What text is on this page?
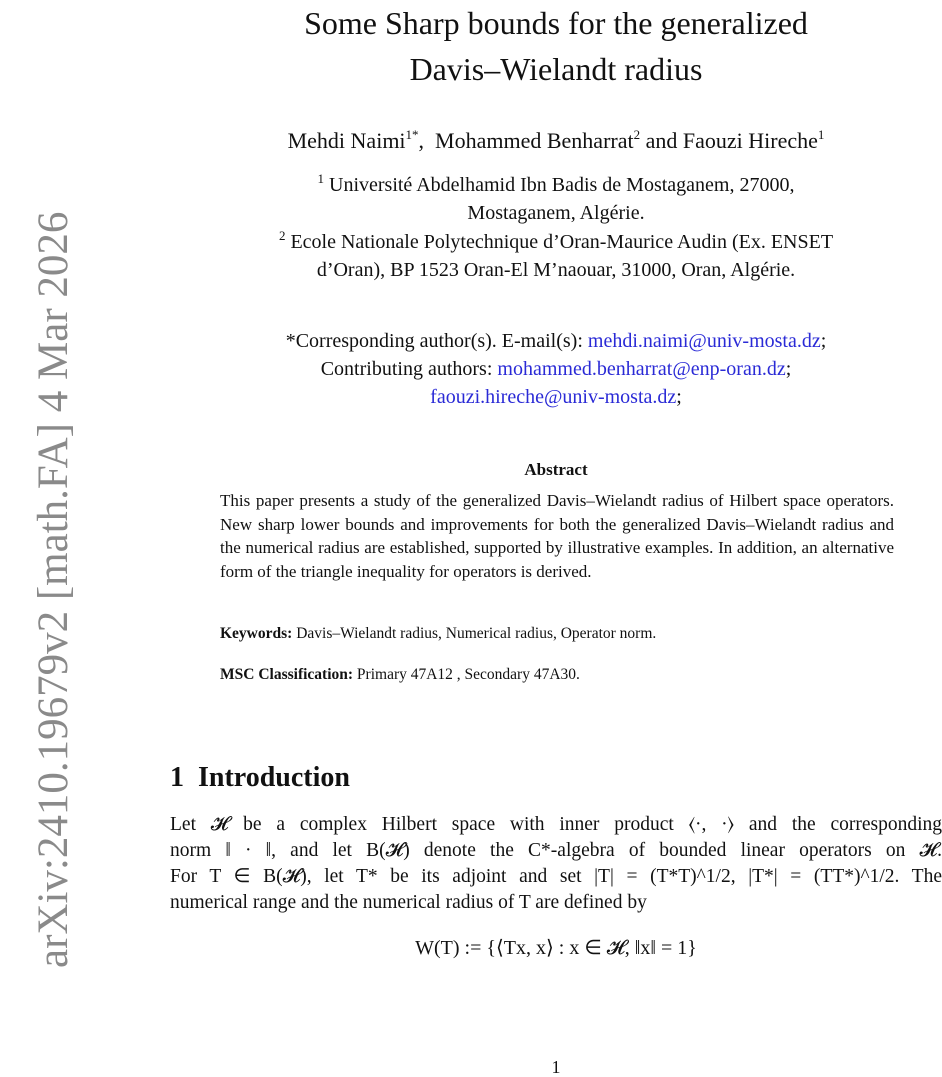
arXiv:2410.19679v2 [math.FA] 4 Mar 2026
Some Sharp bounds for the generalized
Davis–Wielandt radius
Mehdi Naimi$^{1*}$,  Mohammed Benharrat$^2$ and Faouzi Hireche$^1$
$^1$ Université Abdelhamid Ibn Badis de Mostaganem, 27000,
Mostaganem, Algérie.
$^2$ Ecole Nationale Polytechnique d’Oran-Maurice Audin (Ex. ENSET
d’Oran), BP 1523 Oran-El M’naouar, 31000, Oran, Algérie.
*Corresponding author(s). E-mail(s): mehdi.naimi@univ-mosta.dz;
Contributing authors: mohammed.benharrat@enp-oran.dz;
faouzi.hireche@univ-mosta.dz;
Abstract
This paper presents a study of the generalized Davis–Wielandt radius of Hilbert space operators. New sharp lower bounds and improvements for both the generalized Davis–Wielandt radius and the numerical radius are established, supported by illustrative examples. In addition, an alternative form of the triangle inequality for operators is derived.
Keywords: Davis–Wielandt radius, Numerical radius, Operator norm.
MSC Classification: Primary 47A12 , Secondary 47A30.
1 Introduction
Let 𝓗 be a complex Hilbert space with inner product ⟨·, ·⟩ and the corresponding
norm ‖ · ‖, and let B(𝓗) denote the C*-algebra of bounded linear operators on 𝓗.
For T ∈ B(𝓗), let T* be its adjoint and set |T| = (T*T)^1/2, |T*| = (TT*)^1/2. The
numerical range and the numerical radius of T are defined by
W(T) := {⟨Tx, x⟩ : x ∈ 𝓗, ‖x‖ = 1}
1
